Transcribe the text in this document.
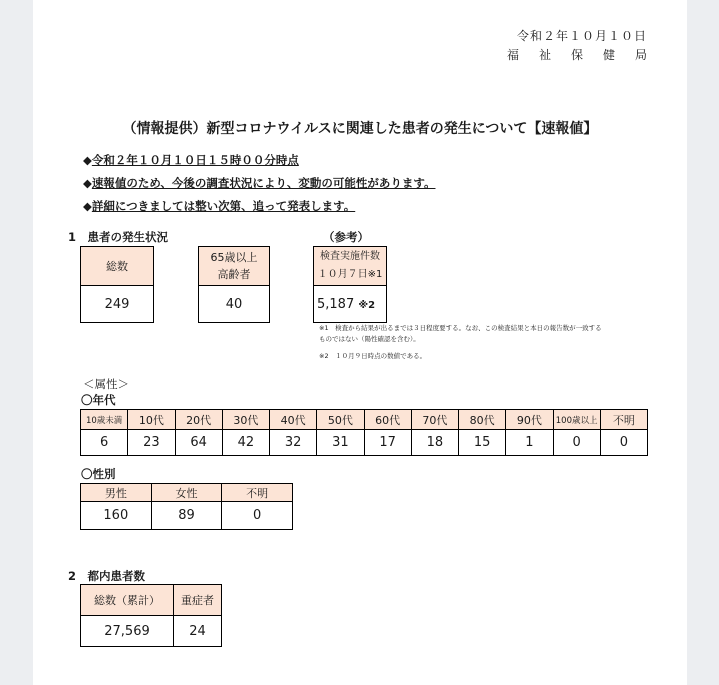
令和２年１０月１０日
福 祉 保 健 局
（情報提供）新型コロナウイルスに関連した患者の発生について【速報値】
◆令和２年１０月１０日１５時００分時点
◆速報値のため、今後の調査状況により、変動の可能性があります。
◆詳細につきましては整い次第、追って発表します。
1　患者の発生状況	（参考）
総数
249
65歳以上
高齢者

40
検査実施件数
１０月７日※1

5,187 ※2
※1　検査から結果が出るまでは３日程度要する。なお、この検査結果と本日の報告数が一致する
ものではない（陽性確認を含む）。
※2　１０月９日時点の数値である。
＜属性＞
〇年代
10歳未満	10代	20代	30代	40代	50代	60代	70代	80代	90代	100歳以上	不明
6	23	64	42	32	31	17	18	15	1	0	0
〇性別
男性	女性	不明
160	89	0
2　都内患者数
総数（累計）	重症者
27,569	24
